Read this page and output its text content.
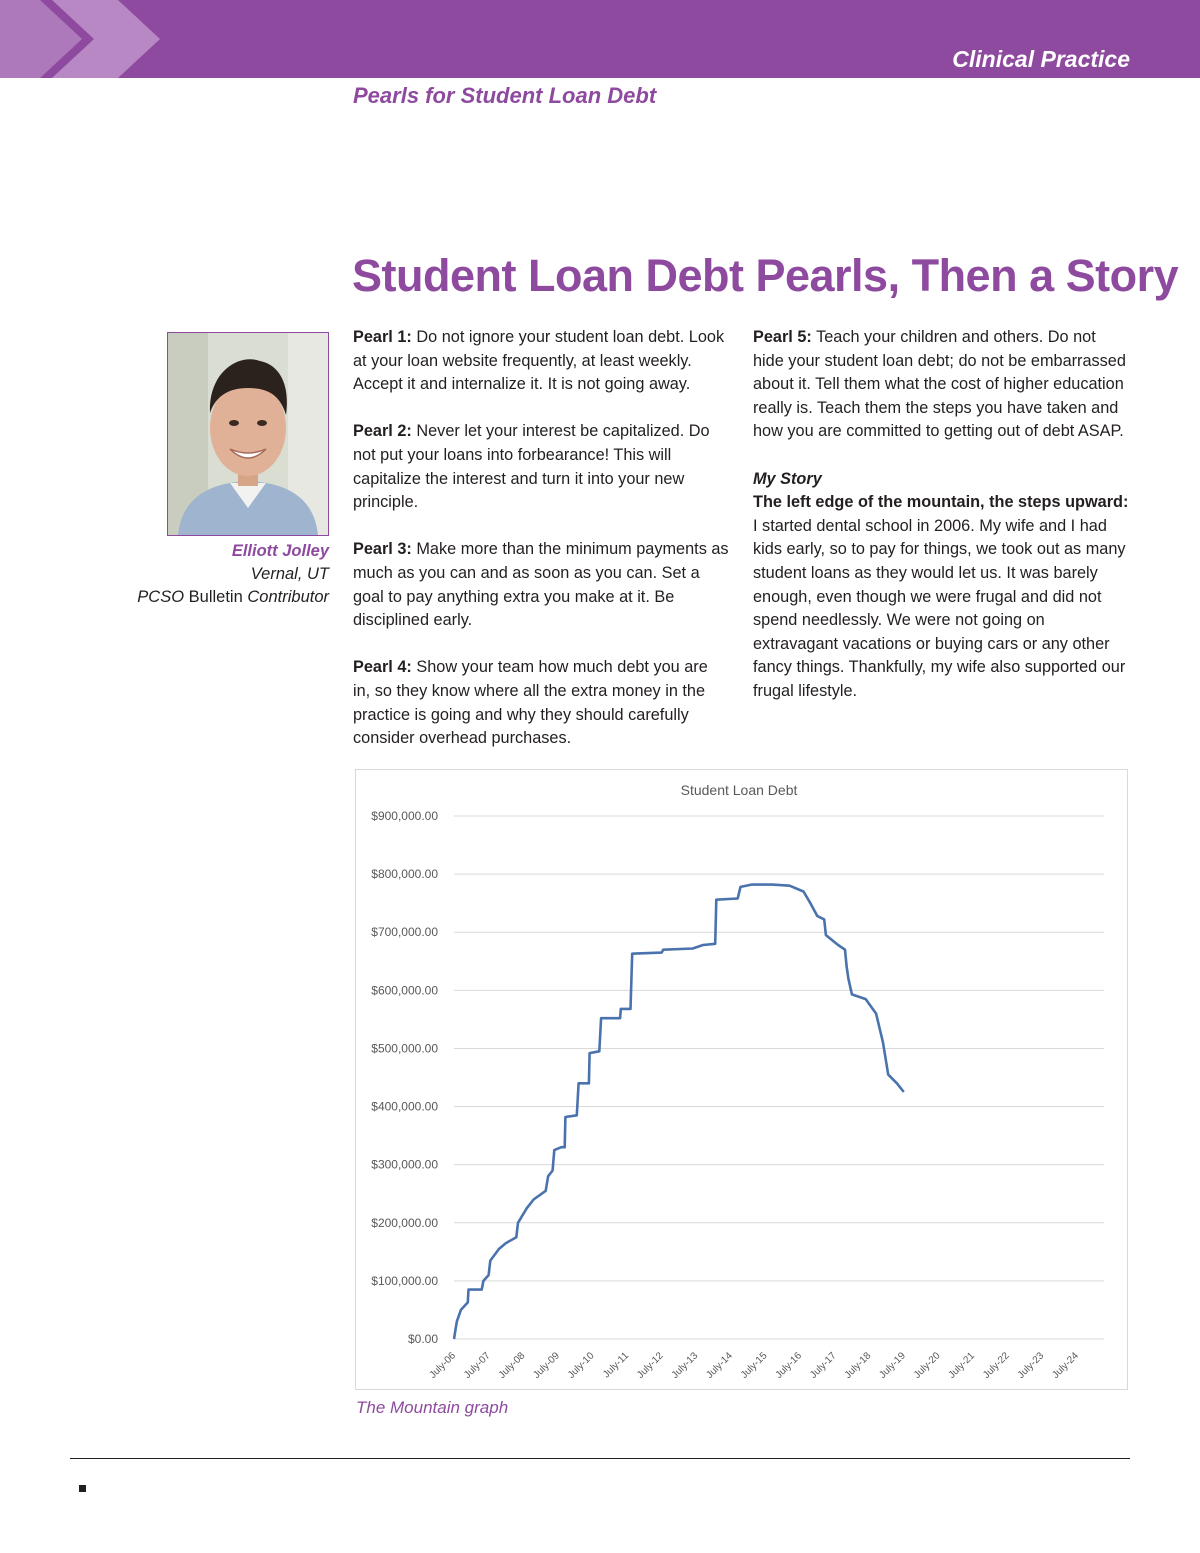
Clinical Practice
Pearls for Student Loan Debt
Student Loan Debt Pearls, Then a Story
Elliott Jolley
Vernal, UT
PCSO Bulletin Contributor

Pearl 1: Do not ignore your student loan debt. Look at your loan website frequently, at least weekly. Accept it and internalize it. It is not going away.

Pearl 2: Never let your interest be capitalized. Do not put your loans into forbearance! This will capitalize the interest and turn it into your new principle.

Pearl 3: Make more than the minimum payments as much as you can and as soon as you can. Set a goal to pay anything extra you make at it. Be disciplined early.

Pearl 4: Show your team how much debt you are in, so they know where all the extra money in the practice is going and why they should carefully consider overhead purchases.

Pearl 5: Teach your children and others. Do not hide your student loan debt; do not be embarrassed about it. Tell them what the cost of higher education really is. Teach them the steps you have taken and how you are committed to getting out of debt ASAP.

My Story
The left edge of the mountain, the steps upward:
I started dental school in 2006. My wife and I had kids early, so to pay for things, we took out as many student loans as they would let us. It was barely enough, even though we were frugal and did not spend needlessly. We were not going on extravagant vacations or buying cars or any other fancy things. Thankfully, my wife also supported our frugal lifestyle.

Student Loan Debt
$0.00
$100,000.00
$200,000.00
$300,000.00
$400,000.00
$500,000.00
$600,000.00
$700,000.00
$800,000.00
$900,000.00
July-06 July-07 July-08 July-09 July-10 July-11 July-12 July-13 July-14 July-15 July-16 July-17 July-18 July-19 July-20 July-21 July-22 July-23 July-24
The Mountain graph
